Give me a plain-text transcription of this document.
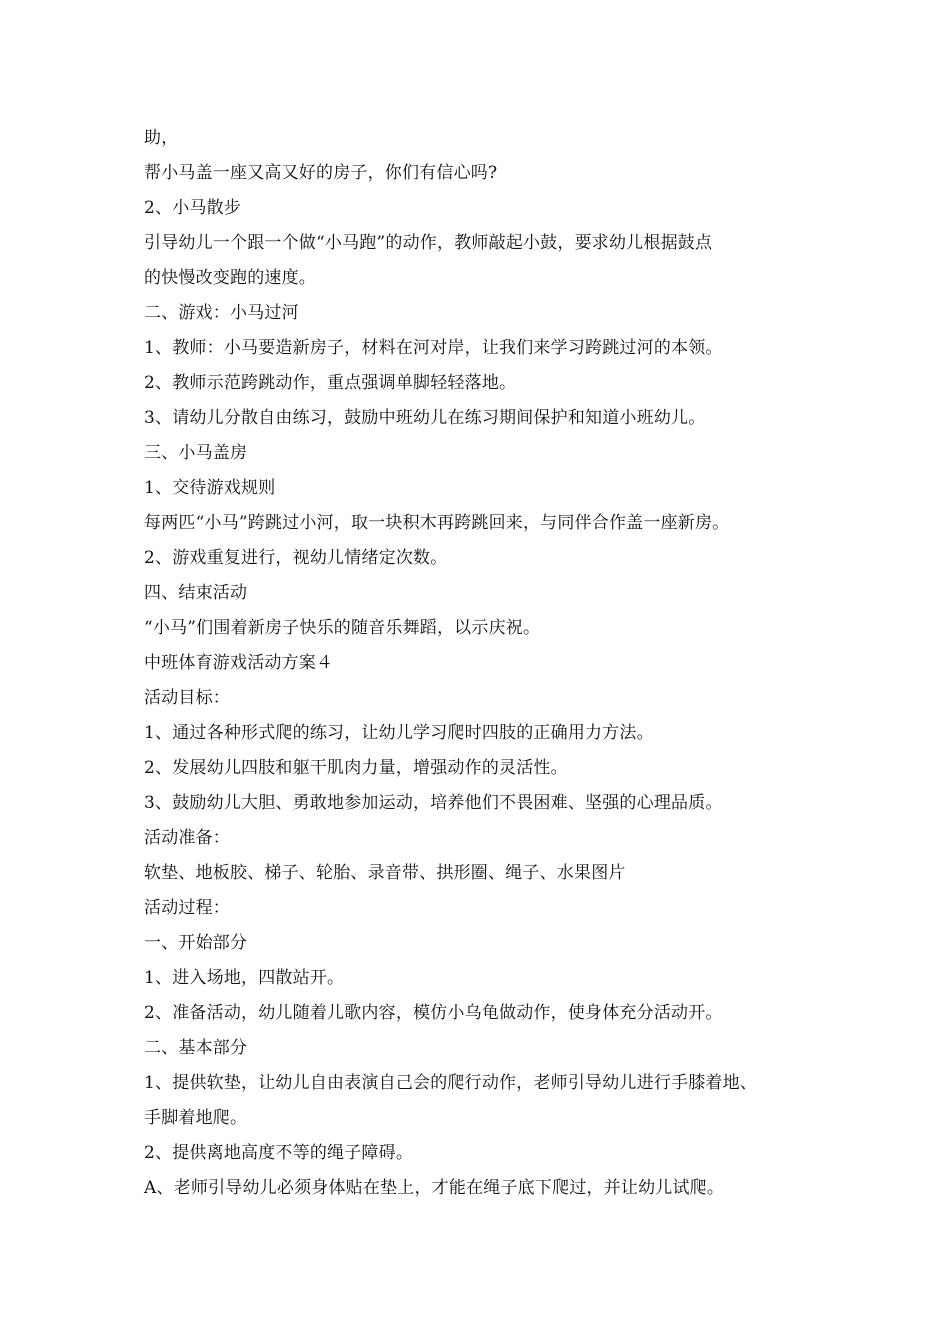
助，
帮小马盖一座又高又好的房子，你们有信心吗?
2、小马散步
引导幼儿一个跟一个做“小马跑”的动作，教师敲起小鼓，要求幼儿根据鼓点
的快慢改变跑的速度。
二、游戏：小马过河
1、教师：小马要造新房子，材料在河对岸，让我们来学习跨跳过河的本领。
2、教师示范跨跳动作，重点强调单脚轻轻落地。
3、请幼儿分散自由练习，鼓励中班幼儿在练习期间保护和知道小班幼儿。
三、小马盖房
1、交待游戏规则
每两匹“小马”跨跳过小河，取一块积木再跨跳回来，与同伴合作盖一座新房。
2、游戏重复进行，视幼儿情绪定次数。
四、结束活动
“小马”们围着新房子快乐的随音乐舞蹈，以示庆祝。
中班体育游戏活动方案４
活动目标：
1、通过各种形式爬的练习，让幼儿学习爬时四肢的正确用力方法。
2、发展幼儿四肢和躯干肌肉力量，增强动作的灵活性。
3、鼓励幼儿大胆、勇敢地参加运动，培养他们不畏困难、坚强的心理品质。
活动准备：
软垫、地板胶、梯子、轮胎、录音带、拱形圈、绳子、水果图片
活动过程：
一、开始部分
1、进入场地，四散站开。
2、准备活动，幼儿随着儿歌内容，模仿小乌龟做动作，使身体充分活动开。
二、基本部分
1、提供软垫，让幼儿自由表演自己会的爬行动作，老师引导幼儿进行手膝着地、
手脚着地爬。
2、提供离地高度不等的绳子障碍。
A、老师引导幼儿必须身体贴在垫上，才能在绳子底下爬过，并让幼儿试爬。
